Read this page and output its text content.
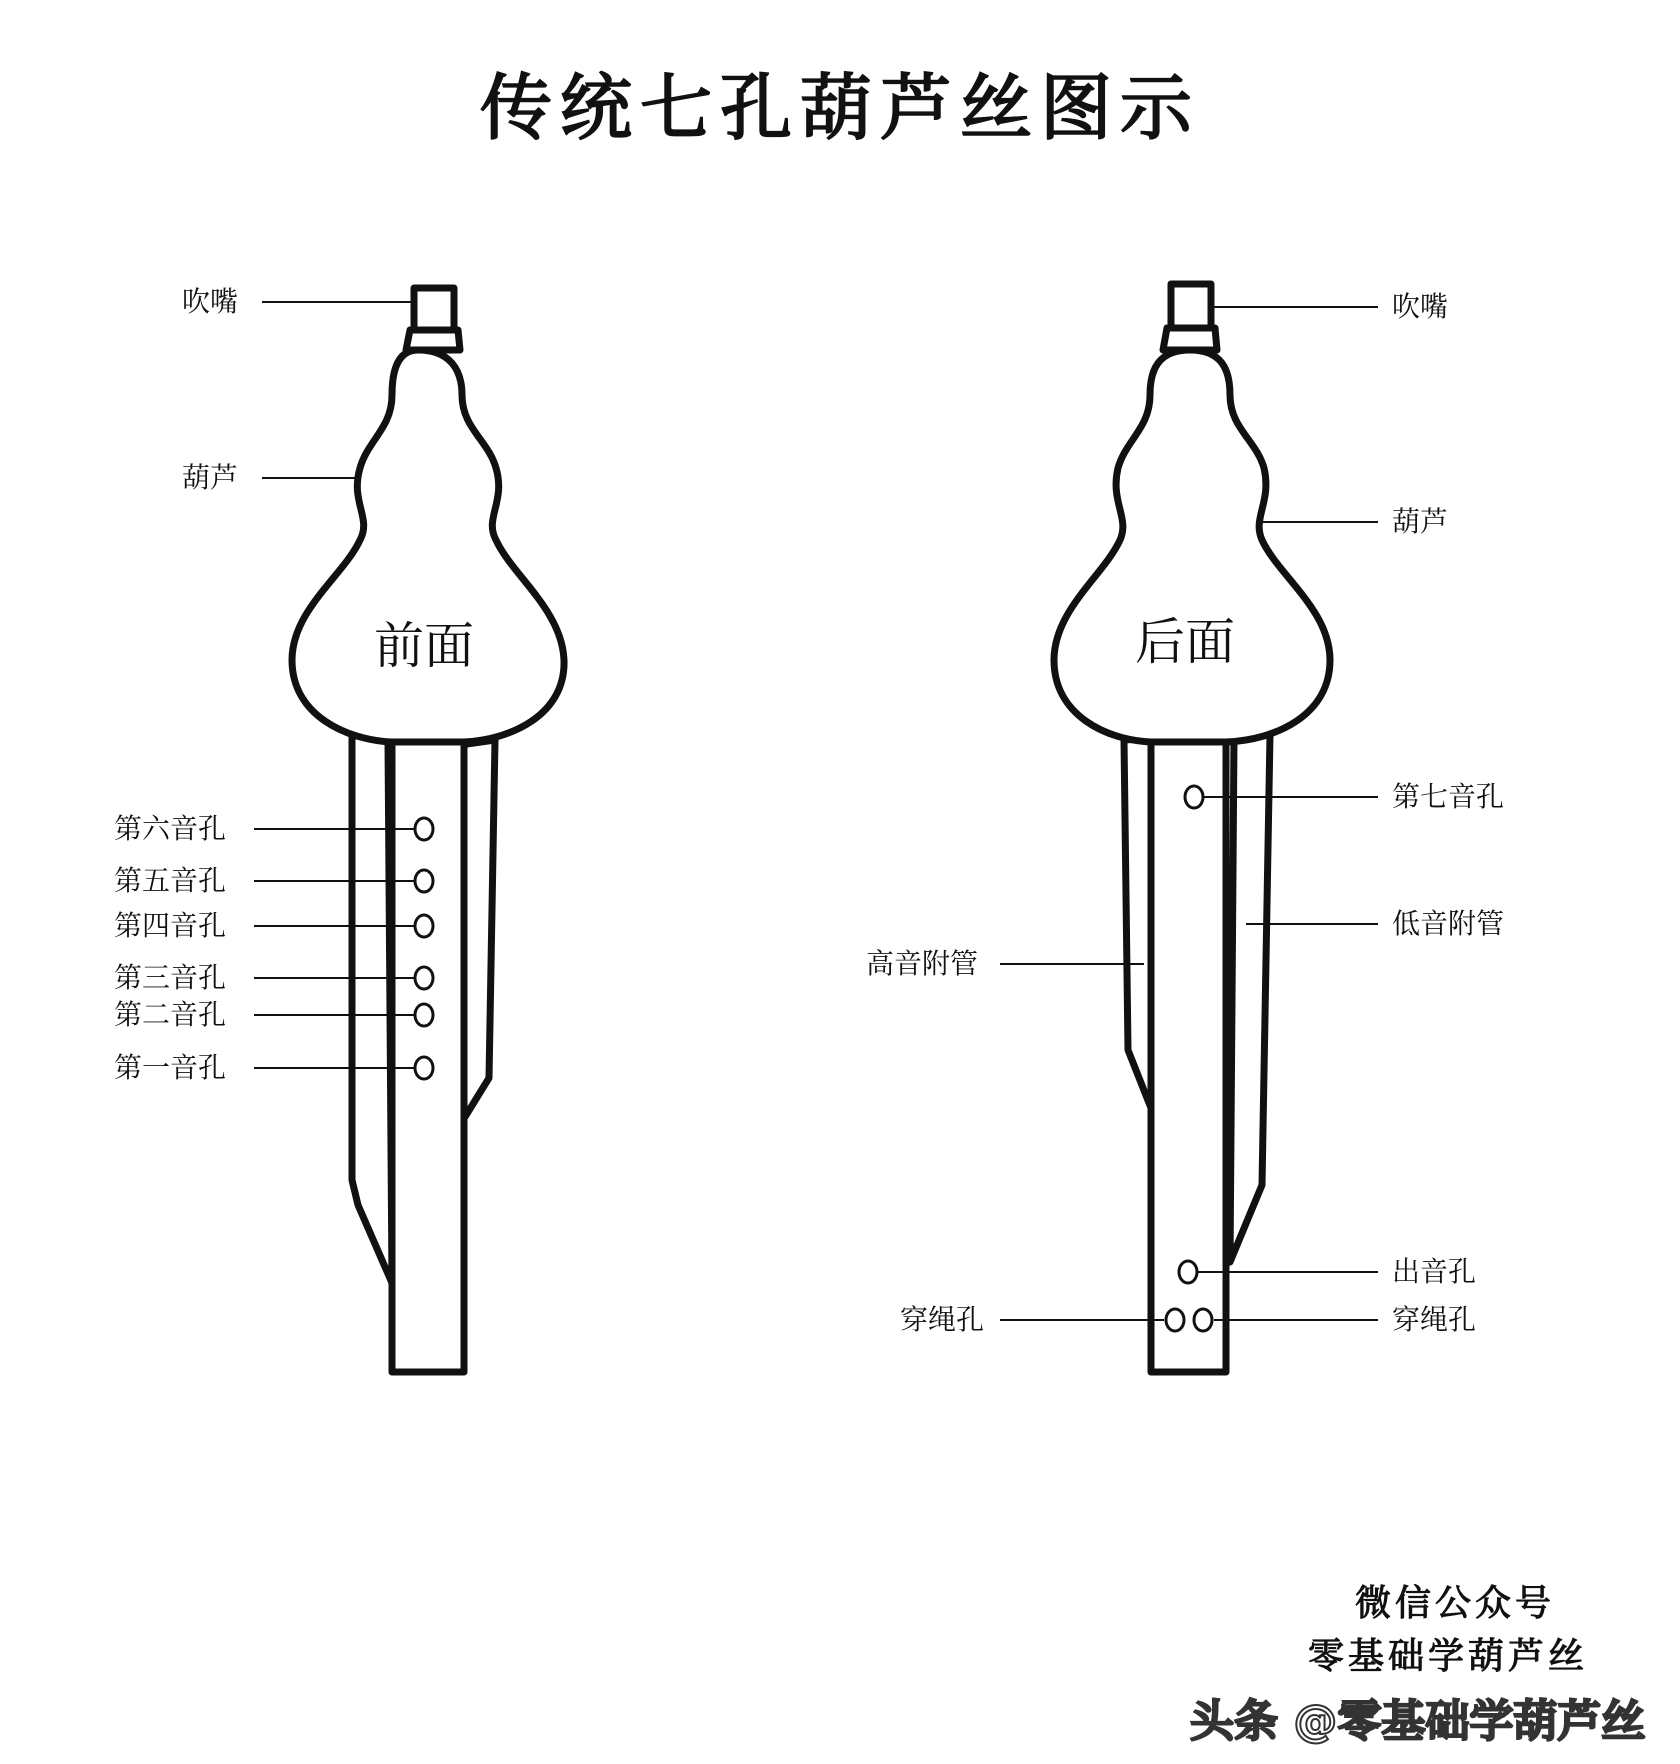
传统七孔葫芦丝图示
前面	后面
吹嘴
葫芦
第六音孔
第五音孔
第四音孔
第三音孔
第二音孔
第一音孔
吹嘴
葫芦
第七音孔
低音附管
高音附管
出音孔
穿绳孔	穿绳孔
微信公众号
零基础学葫芦丝
头条 @零基础学葫芦丝
